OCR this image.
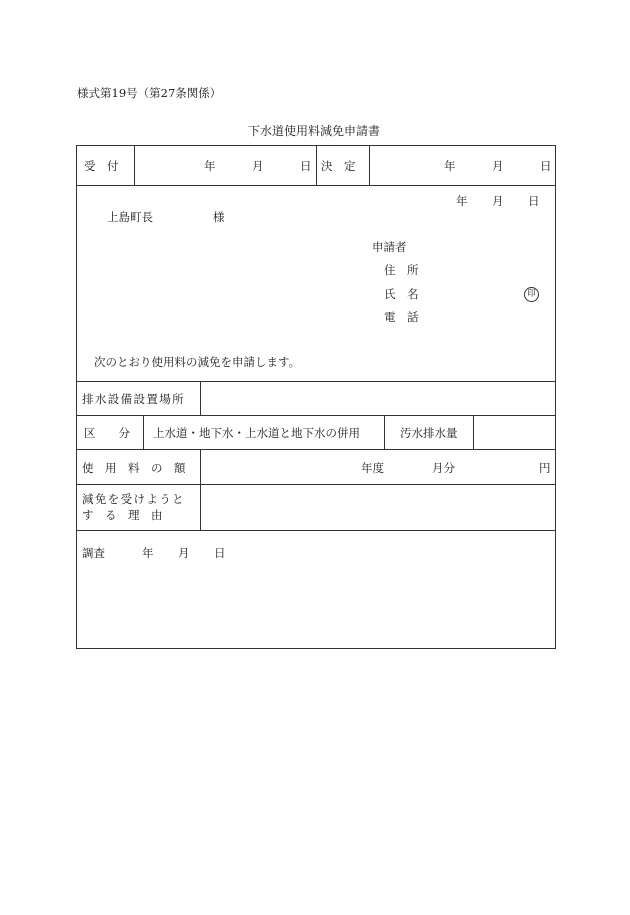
様式第19号（第27条関係）
下水道使用料減免申請書
受　付	年	月	日 決　定	年	月	日
年 月 日
上島町長	様
申請者
住　所
氏　名	印
電　話
次のとおり使用料の減免を申請します。
排水設備設置場所
区　　分 上水道・地下水・上水道と地下水の併用	汚水排水量
使　用　料　の　額	年度	月分	円
減免を受けようと
す　る　理　由
調査	年 月 日
